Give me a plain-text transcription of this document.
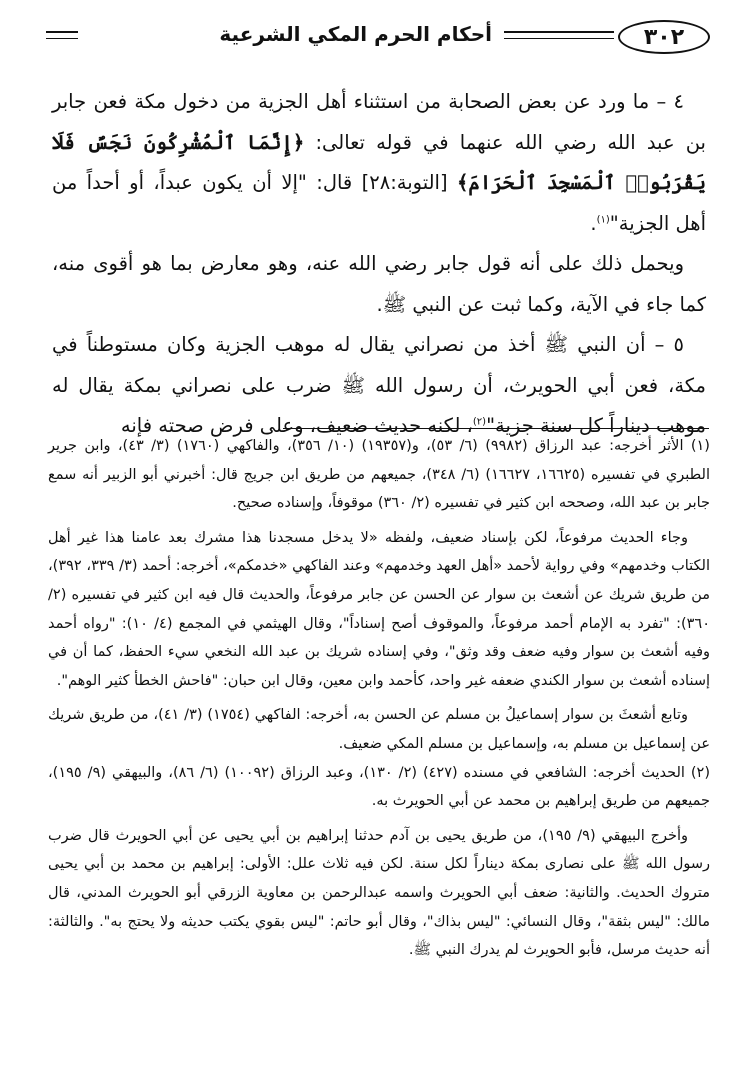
٣٠٢
أحكام الحرم المكي الشرعية

٤ – ما ورد عن بعض الصحابة من استثناء أهل الجزية من دخول مكة فعن جابر بن عبد الله رضي الله عنهما في قوله تعالى: ﴿إِنَّمَا ٱلْمُشْرِكُونَ نَجَسٌ فَلَا يَقْرَبُوا۟ ٱلْمَسْجِدَ ٱلْحَرَامَ﴾ [التوبة:٢٨] قال: "إلا أن يكون عبداً، أو أحداً من أهل الجزية"$^{(١)}$.

ويحمل ذلك على أنه قول جابر رضي الله عنه، وهو معارض بما هو أقوى منه، كما جاء في الآية، وكما ثبت عن النبي ﷺ.

٥ – أن النبي ﷺ أخذ من نصراني يقال له موهب الجزية وكان مستوطناً في مكة، فعن أبي الحويرث، أن رسول الله ﷺ ضرب على نصراني بمكة يقال له موهب ديناراً كل سنة جزية"$^{(٢)}$، لكنه حديث ضعيف، وعلى فرض صحته فإنه

(١) الأثر أخرجه: عبد الرزاق (٩٩٨٢) (٦/ ٥٣)، و(١٩٣٥٧) (١٠/ ٣٥٦)، والفاكهي (١٧٦٠) (٣/ ٤٣)، وابن جرير الطبري في تفسيره (١٦٦٢٥، ١٦٦٢٧) (٦/ ٣٤٨)، جميعهم من طريق ابن جريج قال: أخبرني أبو الزبير أنه سمع جابر بن عبد الله، وصححه ابن كثير في تفسيره (٢/ ٣٦٠) موقوفاً، وإسناده صحيح.

وجاء الحديث مرفوعاً، لكن بإسناد ضعيف، ولفظه «لا يدخل مسجدنا هذا مشرك بعد عامنا هذا غير أهل الكتاب وخدمهم» وفي رواية لأحمد «أهل العهد وخدمهم» وعند الفاكهي «خدمكم»، أخرجه: أحمد (٣/ ٣٣٩، ٣٩٢)، من طريق شريك عن أشعث بن سوار عن الحسن عن جابر مرفوعاً، والحديث قال فيه ابن كثير في تفسيره (٢/ ٣٦٠): "تفرد به الإمام أحمد مرفوعاً، والموقوف أصح إسناداً"، وقال الهيثمي في المجمع (٤/ ١٠): "رواه أحمد وفيه أشعث بن سوار وفيه ضعف وقد وثق"، وفي إسناده شريك بن عبد الله النخعي سيء الحفظ، كما أن في إسناده أشعث بن سوار الكندي ضعفه غير واحد، كأحمد وابن معين، وقال ابن حبان: "فاحش الخطأ كثير الوهم".

وتابع أشعثَ بن سوار إسماعيلُ بن مسلم عن الحسن به، أخرجه: الفاكهي (١٧٥٤) (٣/ ٤١)، من طريق شريك عن إسماعيل بن مسلم به، وإسماعيل بن مسلم المكي ضعيف.

(٢) الحديث أخرجه: الشافعي في مسنده (٤٢٧) (٢/ ١٣٠)، وعبد الرزاق (١٠٠٩٢) (٦/ ٨٦)، والبيهقي (٩/ ١٩٥)، جميعهم من طريق إبراهيم بن محمد عن أبي الحويرث به.

وأخرج البيهقي (٩/ ١٩٥)، من طريق يحيى بن آدم حدثنا إبراهيم بن أبي يحيى عن أبي الحويرث قال ضرب رسول الله ﷺ على نصارى بمكة ديناراً لكل سنة. لكن فيه ثلاث علل: الأولى: إبراهيم بن محمد بن أبي يحيى متروك الحديث. والثانية: ضعف أبي الحويرث واسمه عبدالرحمن بن معاوية الزرقي أبو الحويرث المدني، قال مالك: "ليس بثقة"، وقال النسائي: "ليس بذاك"، وقال أبو حاتم: "ليس بقوي يكتب حديثه ولا يحتج به". والثالثة: أنه حديث مرسل، فأبو الحويرث لم يدرك النبي ﷺ.
